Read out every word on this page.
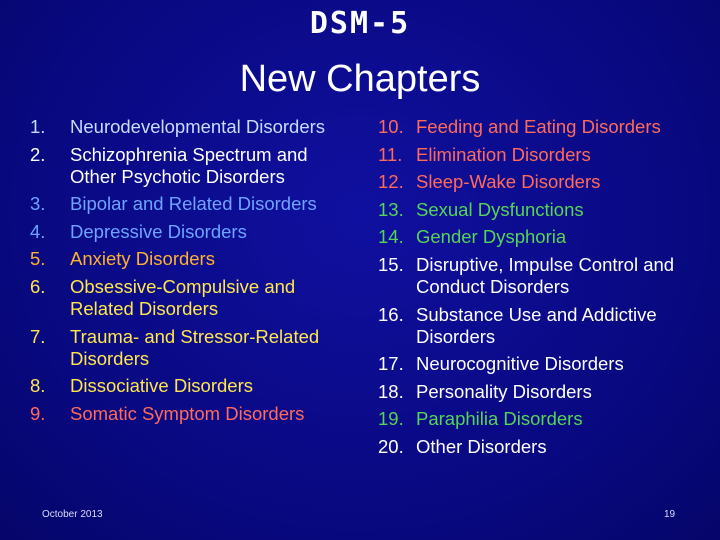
DSM-5
New Chapters
1.	Neurodevelopmental Disorders
2.	Schizophrenia Spectrum and Other Psychotic Disorders
3.	Bipolar and Related Disorders
4.	Depressive Disorders
5.	Anxiety Disorders
6.	Obsessive-Compulsive and Related Disorders
7.	Trauma- and Stressor-Related Disorders
8.	Dissociative Disorders
9.	Somatic Symptom Disorders
10. Feeding and Eating Disorders
11. Elimination Disorders
12. Sleep-Wake Disorders
13. Sexual Dysfunctions
14. Gender Dysphoria
15. Disruptive, Impulse Control and Conduct Disorders
16. Substance Use and Addictive Disorders
17. Neurocognitive Disorders
18. Personality Disorders
19. Paraphilia Disorders
20. Other Disorders
October 2013	19
